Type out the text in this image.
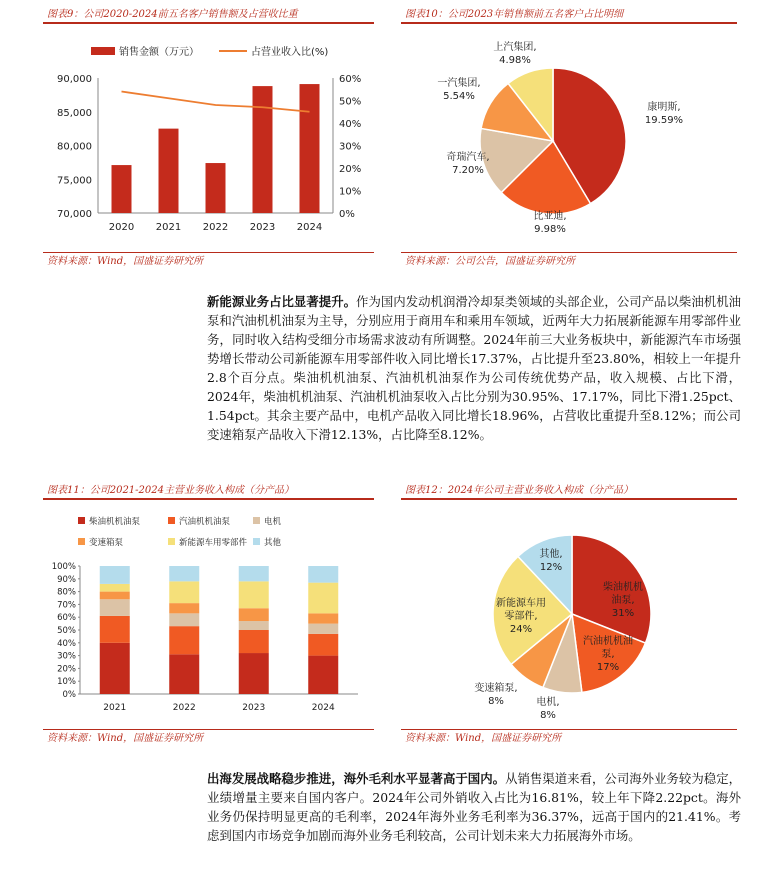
图表9：公司2020-2024前五名客户销售额及占营收比重
销售金额（万元）	占营业收入比(%)
70,000
75,000
80,000
85,000
90,000
0%
10%
20%
30%
40%
50%
60%
2020 2021 2022 2023 2024
资料来源：Wind，国盛证券研究所
图表10：公司2023年销售额前五名客户占比明细
康明斯,
19.59%
比亚迪,
9.98%
奇瑞汽车,
7.20%
一汽集团,
5.54%
上汽集团,
4.98%
资料来源：公司公告，国盛证券研究所

新能源业务占比显著提升。作为国内发动机润滑冷却泵类领域的头部企业，公司产品以柴油机机油泵和汽油机机油泵为主导，分别应用于商用车和乘用车领域，近两年大力拓展新能源车用零部件业务，同时收入结构受细分市场需求波动有所调整。2024年前三大业务板块中，新能源汽车市场强势增长带动公司新能源车用零部件收入同比增长17.37%，占比提升至23.80%，相较上一年提升2.8个百分点。柴油机机油泵、汽油机机油泵作为公司传统优势产品，收入规模、占比下滑，2024年，柴油机机油泵、汽油机机油泵收入占比分别为30.95%、17.17%，同比下滑1.25pct、1.54pct。其余主要产品中，电机产品收入同比增长18.96%，占营收比重提升至8.12%；而公司变速箱泵产品收入下滑12.13%，占比降至8.12%。

图表11：公司2021-2024主营业务收入构成（分产品）
柴油机机油泵	汽油机机油泵	电机
变速箱泵	新能源车用零部件 其他
0%
10%
20%
30%
40%
50%
60%
70%
80%
90%
100%
2021	2022	2023	2024
资料来源：Wind，国盛证券研究所
图表12：2024年公司主营业务收入构成（分产品）
柴油机机油泵,
31%
汽油机机油泵,
17%
电机,
8%
变速箱泵,
8%
新能源车用零部件,
24%
其他,
12%
资料来源：Wind，国盛证券研究所

出海发展战略稳步推进，海外毛利水平显著高于国内。从销售渠道来看，公司海外业务较为稳定，业绩增量主要来自国内客户。2024年公司外销收入占比为16.81%，较上年下降2.22pct。海外业务仍保持明显更高的毛利率，2024年海外业务毛利率为36.37%，远高于国内的21.41%。考虑到国内市场竞争加剧而海外业务毛利较高，公司计划未来大力拓展海外市场。
